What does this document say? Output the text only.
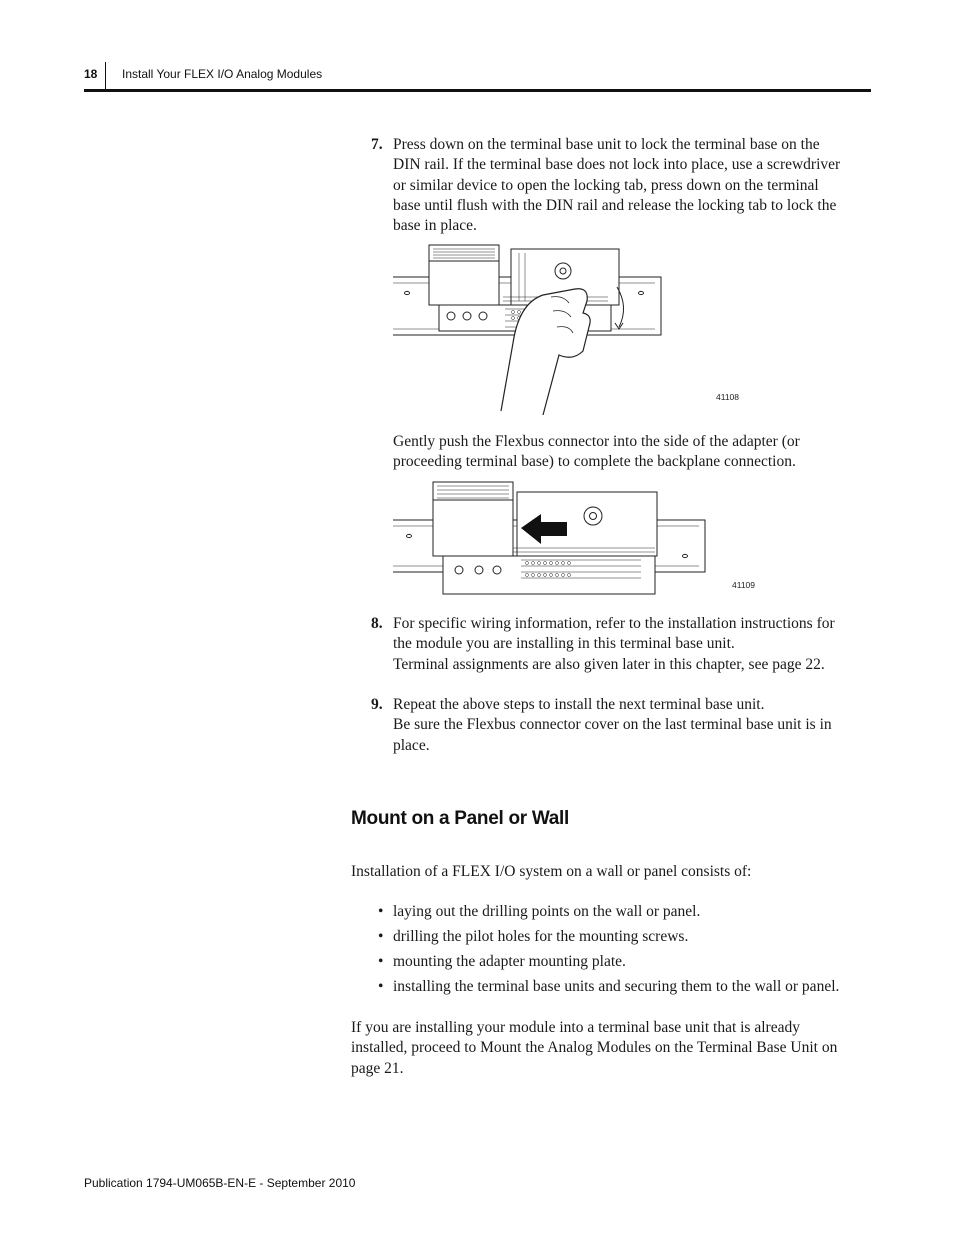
18 Install Your FLEX I/O Analog Modules
7. Press down on the terminal base unit to lock the terminal base on the
DIN rail. If the terminal base does not lock into place, use a screwdriver
or similar device to open the locking tab, press down on the terminal
base until flush with the DIN rail and release the locking tab to lock the
base in place.
41108
Gently push the Flexbus connector into the side of the adapter (or
proceeding terminal base) to complete the backplane connection.
41109
8. For specific wiring information, refer to the installation instructions for
the module you are installing in this terminal base unit.
Terminal assignments are also given later in this chapter, see page 22.
9. Repeat the above steps to install the next terminal base unit.
Be sure the Flexbus connector cover on the last terminal base unit is in
place.
Mount on a Panel or Wall
Installation of a FLEX I/O system on a wall or panel consists of:
• laying out the drilling points on the wall or panel.
• drilling the pilot holes for the mounting screws.
• mounting the adapter mounting plate.
• installing the terminal base units and securing them to the wall or panel.
If you are installing your module into a terminal base unit that is already
installed, proceed to Mount the Analog Modules on the Terminal Base Unit on
page 21.
Publication 1794-UM065B-EN-E - September 2010
